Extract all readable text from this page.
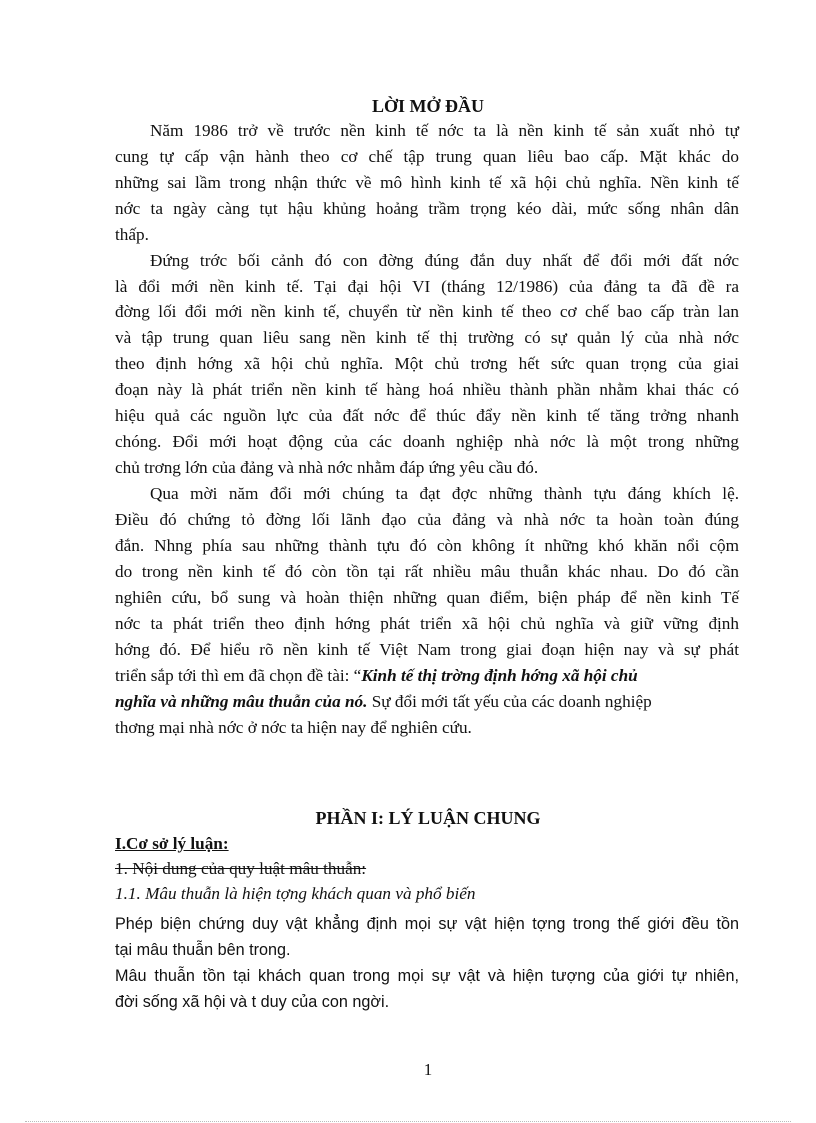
LỜI MỞ ĐẦU
Năm 1986 trở về trước nền kinh tế nớc ta là nền kinh tế sản xuất nhỏ tự
cung tự cấp vận hành theo cơ chế tập trung quan liêu bao cấp. Mặt khác do
những sai lầm trong nhận thức về mô hình kinh tế xã hội chủ nghĩa. Nền kinh tế
nớc ta ngày càng tụt hậu khủng hoảng trầm trọng kéo dài, mức sống nhân dân
thấp.
Đứng trớc bối cảnh đó con đờng đúng đắn duy nhất để đổi mới đất nớc
là đổi mới nền kinh tế. Tại đại hội VI (tháng 12/1986) của đảng ta đã đề ra
đờng lối đổi mới nền kinh tế, chuyển từ nền kinh tế theo cơ chế bao cấp tràn lan
và tập trung quan liêu sang nền kinh tế thị trường có sự quản lý của nhà nớc
theo định hớng xã hội chủ nghĩa. Một chủ trơng hết sức quan trọng của giai
đoạn này là phát triển nền kinh tế hàng hoá nhiều thành phần nhằm khai thác có
hiệu quả các nguồn lực của đất nớc để thúc đẩy nền kinh tế tăng trởng nhanh
chóng. Đổi mới hoạt động của các doanh nghiệp nhà nớc là một trong những
chủ trơng lớn của đảng và nhà nớc nhằm đáp ứng yêu cầu đó.
Qua mời năm đổi mới chúng ta đạt đợc những thành tựu đáng khích lệ.
Điều đó chứng tỏ đờng lối lãnh đạo của đảng và nhà nớc ta hoàn toàn đúng
đắn. Nhng phía sau những thành tựu đó còn không ít những khó khăn nổi cộm
do trong nền kinh tế đó còn tồn tại rất nhiều mâu thuẫn khác nhau. Do đó cần
nghiên cứu, bổ sung và hoàn thiện những quan điểm, biện pháp để nền kinh Tế
nớc ta phát triển theo định hớng phát triển xã hội chủ nghĩa và giữ vững định
hớng đó. Để hiểu rõ nền kinh tế Việt Nam trong giai đoạn hiện nay và sự phát
triển sắp tới thì em đã chọn đề tài: “Kinh tế thị trờng định hớng xã hội chủ
nghĩa và những mâu thuẫn của nó. Sự đổi mới tất yếu của các doanh nghiệp
thơng mại nhà nớc ở nớc ta hiện nay để nghiên cứu.
PHẦN I: LÝ LUẬN CHUNG
I.Cơ sở lý luận:
1. Nội dung của quy luật mâu thuẫn:
1.1. Mâu thuẫn là hiện tợng khách quan và phổ biến
Phép biện chứng duy vật khẳng định mọi sự vật hiện tợng trong thế giới đều tồn
tại mâu thuẫn bên trong.
Mâu thuẫn tồn tại khách quan trong mọi sự vật và hiện tượng của giới tự nhiên,
đời sống xã hội và t duy của con ngời.
1
